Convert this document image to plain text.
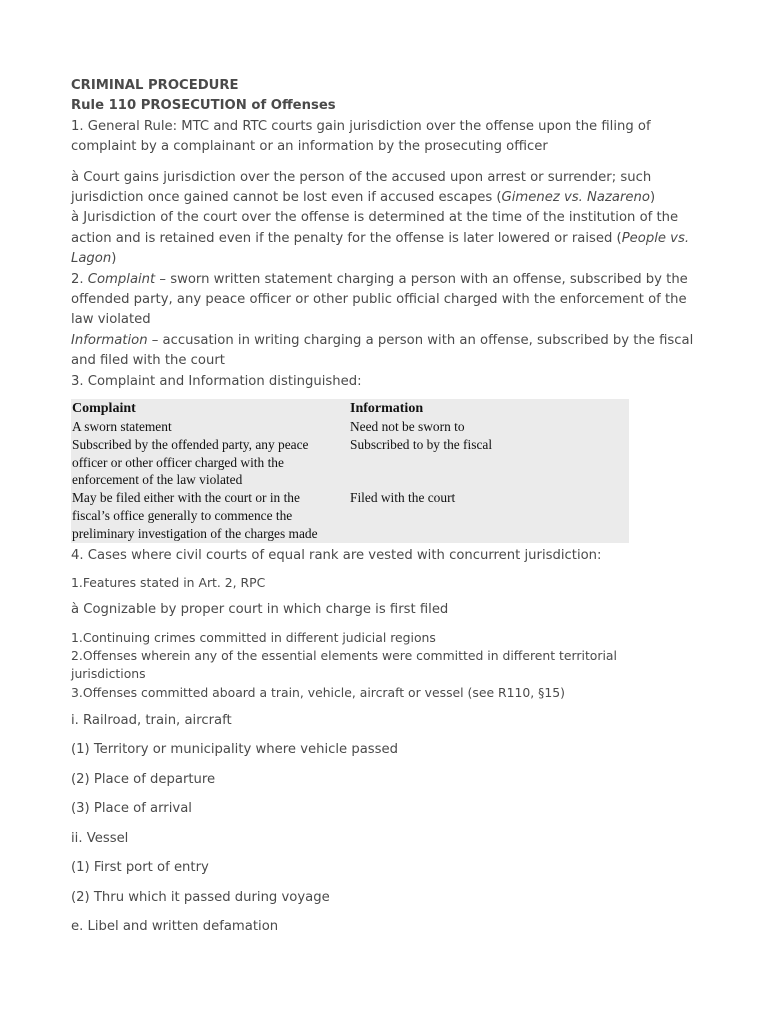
CRIMINAL PROCEDURE
Rule 110 PROSECUTION of Offenses
1. General Rule: MTC and RTC courts gain jurisdiction over the offense upon the filing of
complaint by a complainant or an information by the prosecuting officer
à Court gains jurisdiction over the person of the accused upon arrest or surrender; such
jurisdiction once gained cannot be lost even if accused escapes (Gimenez vs. Nazareno)
à Jurisdiction of the court over the offense is determined at the time of the institution of the
action and is retained even if the penalty for the offense is later lowered or raised (People vs.
Lagon)
2. Complaint – sworn written statement charging a person with an offense, subscribed by the
offended party, any peace officer or other public official charged with the enforcement of the
law violated
Information – accusation in writing charging a person with an offense, subscribed by the fiscal
and filed with the court
3. Complaint and Information distinguished:
Complaint	Information
A sworn statement	Need not be sworn to

Subscribed by the offended party, any peace
officer or other officer charged with the
enforcement of the law violated	Subscribed to by the fiscal

May be filed either with the court or in the
fiscal’s office generally to commence the
preliminary investigation of the charges made	Filed with the court
4. Cases where civil courts of equal rank are vested with concurrent jurisdiction:
1.Features stated in Art. 2, RPC
à Cognizable by proper court in which charge is first filed
1.Continuing crimes committed in different judicial regions
2.Offenses wherein any of the essential elements were committed in different territorial
jurisdictions
3.Offenses committed aboard a train, vehicle, aircraft or vessel (see R110, §15)
i. Railroad, train, aircraft
(1) Territory or municipality where vehicle passed
(2) Place of departure
(3) Place of arrival
ii. Vessel
(1) First port of entry
(2) Thru which it passed during voyage
e. Libel and written defamation
